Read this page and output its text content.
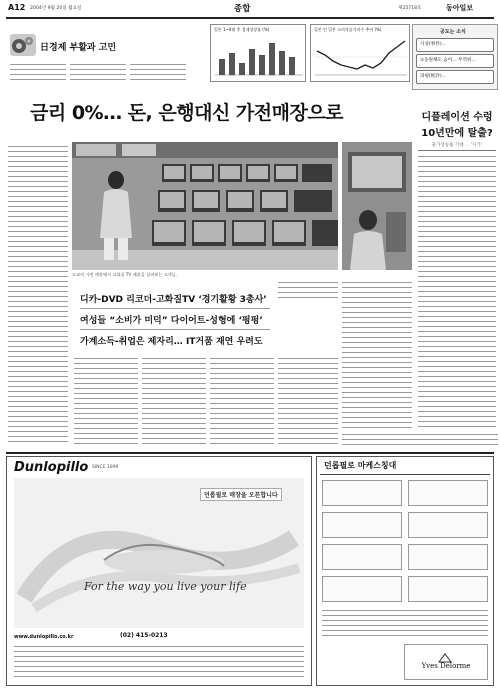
A12 2004년 9월 20일 월요일	종합	제25718호	동아일보
日경제 부활과 고민
일본 1~4월 후 경제성장률 (%)	일본 인 일본 소비자물가지수 추이 (%)	공도는 소식
사상(事件)...
①동원체도 숨어... 무역위...
과평(經評)...
금리 0%… 돈, 은행대신 가전매장으로	디플레이션 수렁
10년만에 탈출?
물가상승률 기대 ... ‘시가’
도쿄의 가전 매장에서 고화질 TV 제품을 살펴보는 고객들.
디카-DVD 리코더-고화질TV ‘경기활황 3총사’
여성들 “소비가 미덕” 다이어트-성형에 ‘펑펑’
가계소득-취업은 제자리… IT거품 재연 우려도
Dunlopillo SINCE 1899
For the way you live your life
던롭필로 매장을 오픈합니다
www.dunlopillo.co.kr	(02) 415-0213
던롭필로 마케스칭대
Yves Delorme
